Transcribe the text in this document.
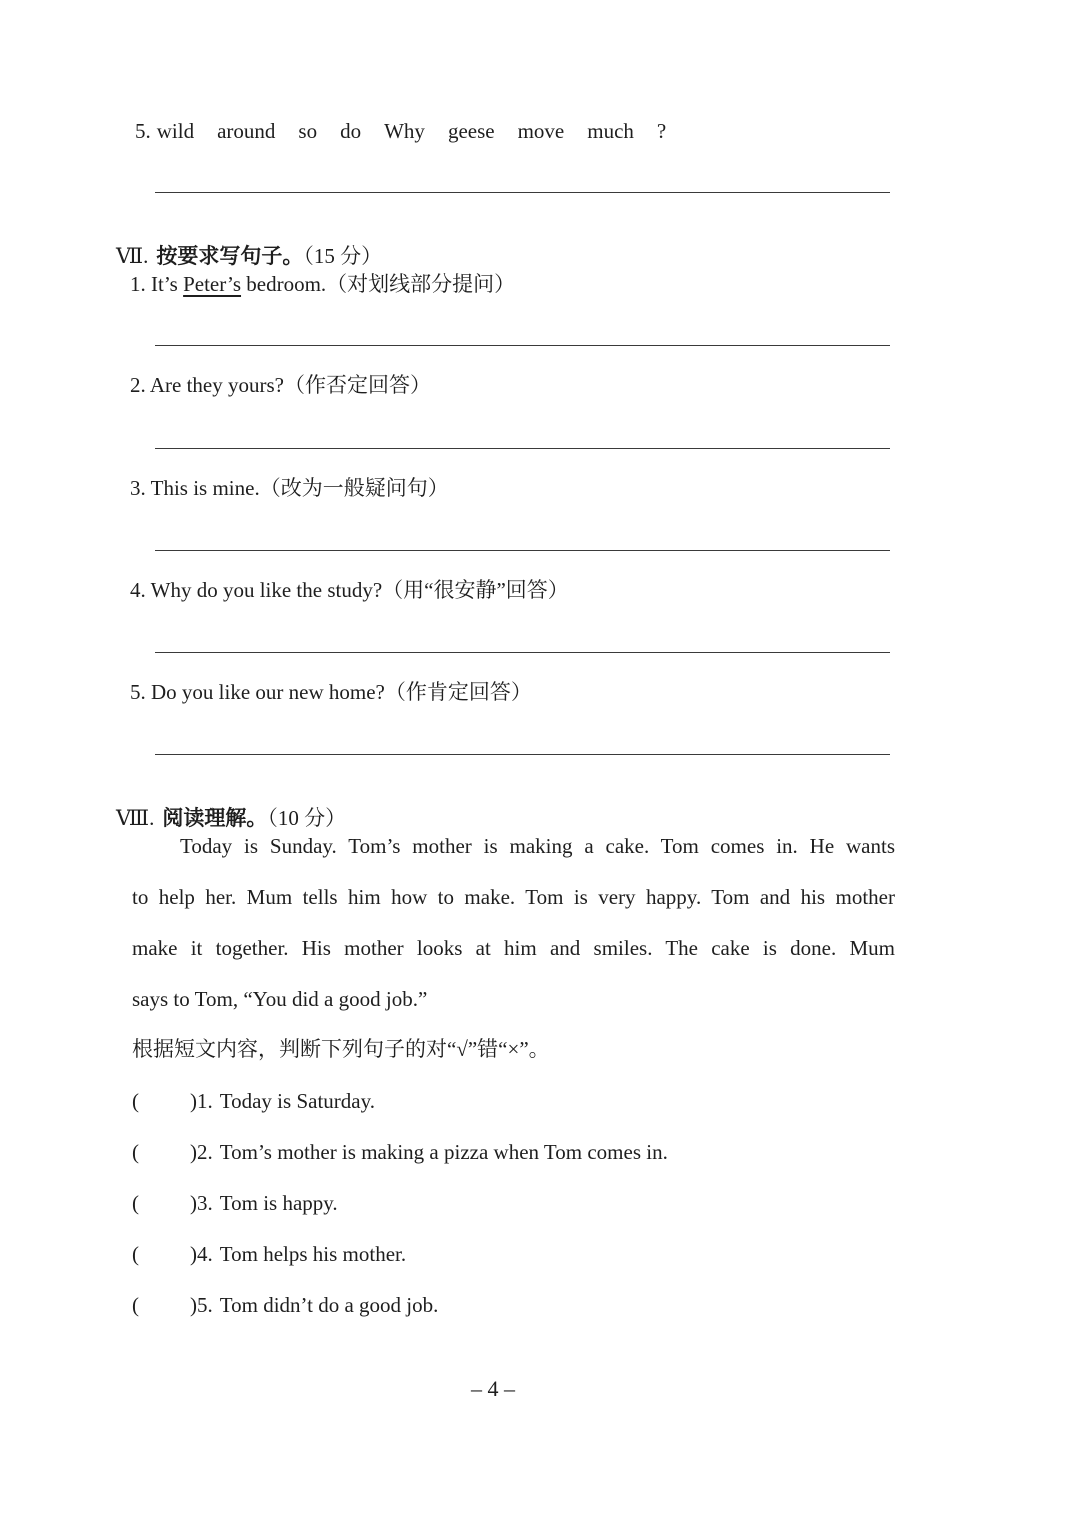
5. wild around so do Why geese move much ?

Ⅶ. 按要求写句子。（15 分）

1. It’s Peter’s bedroom.（对划线部分提问）
2. Are they yours?（作否定回答）
3. This is mine.（改为一般疑问句）
4. Why do you like the study?（用“很安静”回答）
5. Do you like our new home?（作肯定回答）

Ⅷ. 阅读理解。（10 分）

Today is Sunday. Tom’s mother is making a cake. Tom comes in. He wants
to help her. Mum tells him how to make. Tom is very happy. Tom and his mother
make it together. His mother looks at him and smiles. The cake is done. Mum
says to Tom, “You did a good job.”
根据短文内容，判断下列句子的对“√”错“×”。
( )1. Today is Saturday.
( )2. Tom’s mother is making a pizza when Tom comes in.
( )3. Tom is happy.
( )4. Tom helps his mother.
( )5. Tom didn’t do a good job.
– 4 –
